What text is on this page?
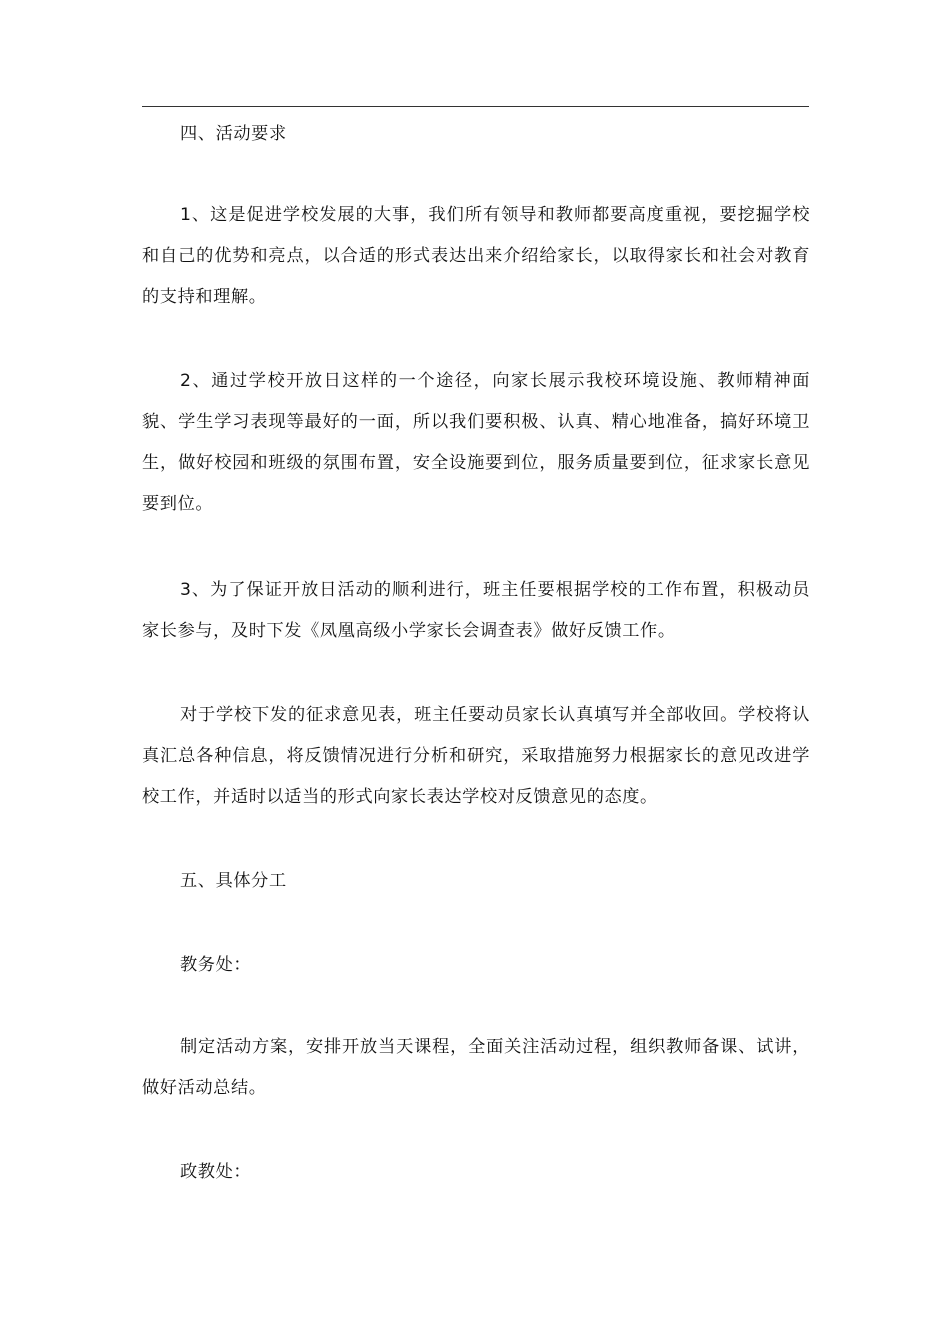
四、活动要求

1、这是促进学校发展的大事，我们所有领导和教师都要高度重视，要挖掘学校和自己的优势和亮点，以合适的形式表达出来介绍给家长，以取得家长和社会对教育的支持和理解。

2、通过学校开放日这样的一个途径，向家长展示我校环境设施、教师精神面貌、学生学习表现等最好的一面，所以我们要积极、认真、精心地准备，搞好环境卫生，做好校园和班级的氛围布置，安全设施要到位，服务质量要到位，征求家长意见要到位。

3、为了保证开放日活动的顺利进行，班主任要根据学校的工作布置，积极动员家长参与，及时下发《凤凰高级小学家长会调查表》做好反馈工作。

对于学校下发的征求意见表，班主任要动员家长认真填写并全部收回。学校将认真汇总各种信息，将反馈情况进行分析和研究，采取措施努力根据家长的意见改进学校工作，并适时以适当的形式向家长表达学校对反馈意见的态度。

五、具体分工

教务处：

制定活动方案，安排开放当天课程，全面关注活动过程，组织教师备课、试讲，做好活动总结。

政教处：
